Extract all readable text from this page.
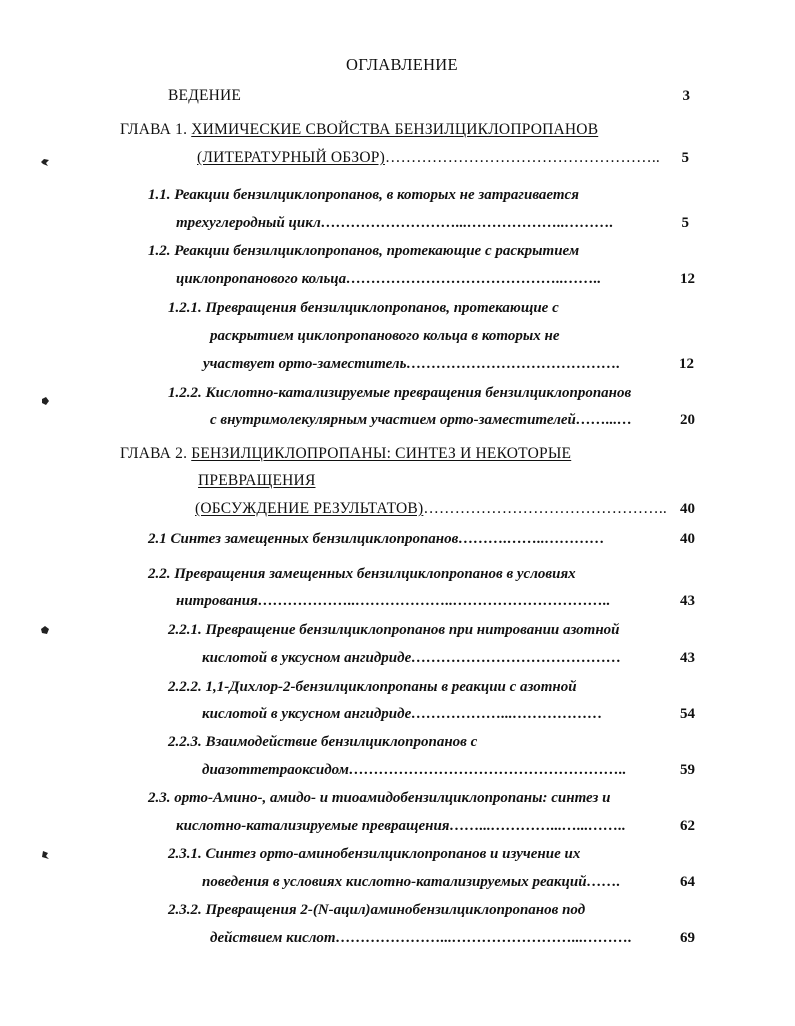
ОГЛАВЛЕНИЕ
ВЕДЕНИЕ	3
ГЛАВА 1. ХИМИЧЕСКИЕ СВОЙСТВА БЕНЗИЛЦИКЛОПРОПАНОВ
(ЛИТЕРАТУРНЫЙ ОБЗОР)……………………………………………..	5
1.1. Реакции бензилциклопропанов, в которых не затрагивается
трехуглеродный цикл………………………...………………..……….	5
1.2. Реакции бензилциклопропанов, протекающие с раскрытием
циклопропанового кольца……………………………………..……..	12
1.2.1. Превращения бензилциклопропанов, протекающие с
раскрытием циклопропанового кольца в которых не
участвует орто-заместитель…………………………………….	12
1.2.2. Кислотно-катализируемые превращения бензилциклопропанов
с внутримолекулярным участием орто-заместителей……...…	20
ГЛАВА 2. БЕНЗИЛЦИКЛОПРОПАНЫ: СИНТЕЗ И НЕКОТОРЫЕ
ПРЕВРАЩЕНИЯ
(ОБСУЖДЕНИЕ РЕЗУЛЬТАТОВ)……………………………………….. 40
2.1 Синтез замещенных бензилциклопропанов……….……..…………	40
2.2. Превращения замещенных бензилциклопропанов в условиях
нитрования………………..………………..…………………………..	43
2.2.1. Превращение бензилциклопропанов при нитровании азотной
кислотой в уксусном ангидриде……………………………………	43
2.2.2. 1,1-Дихлор-2-бензилциклопропаны в реакции с азотной
кислотой в уксусном ангидриде………………...………………	54
2.2.3. Взаимодействие бензилциклопропанов с
диазоттетраоксидом………………………………………………..	59
2.3. орто-Амино-, амидо- и тиоамидобензилциклопропаны: синтез и
кислотно-катализируемые превращения……...…………...…...……..	62
2.3.1. Синтез орто-аминобензилциклопропанов и изучение их
поведения в условиях кислотно-катализируемых реакций…….	64
2.3.2. Превращения 2-(N-ацил)аминобензилциклопропанов под
действием кислот…………………...……………………...……….	69
